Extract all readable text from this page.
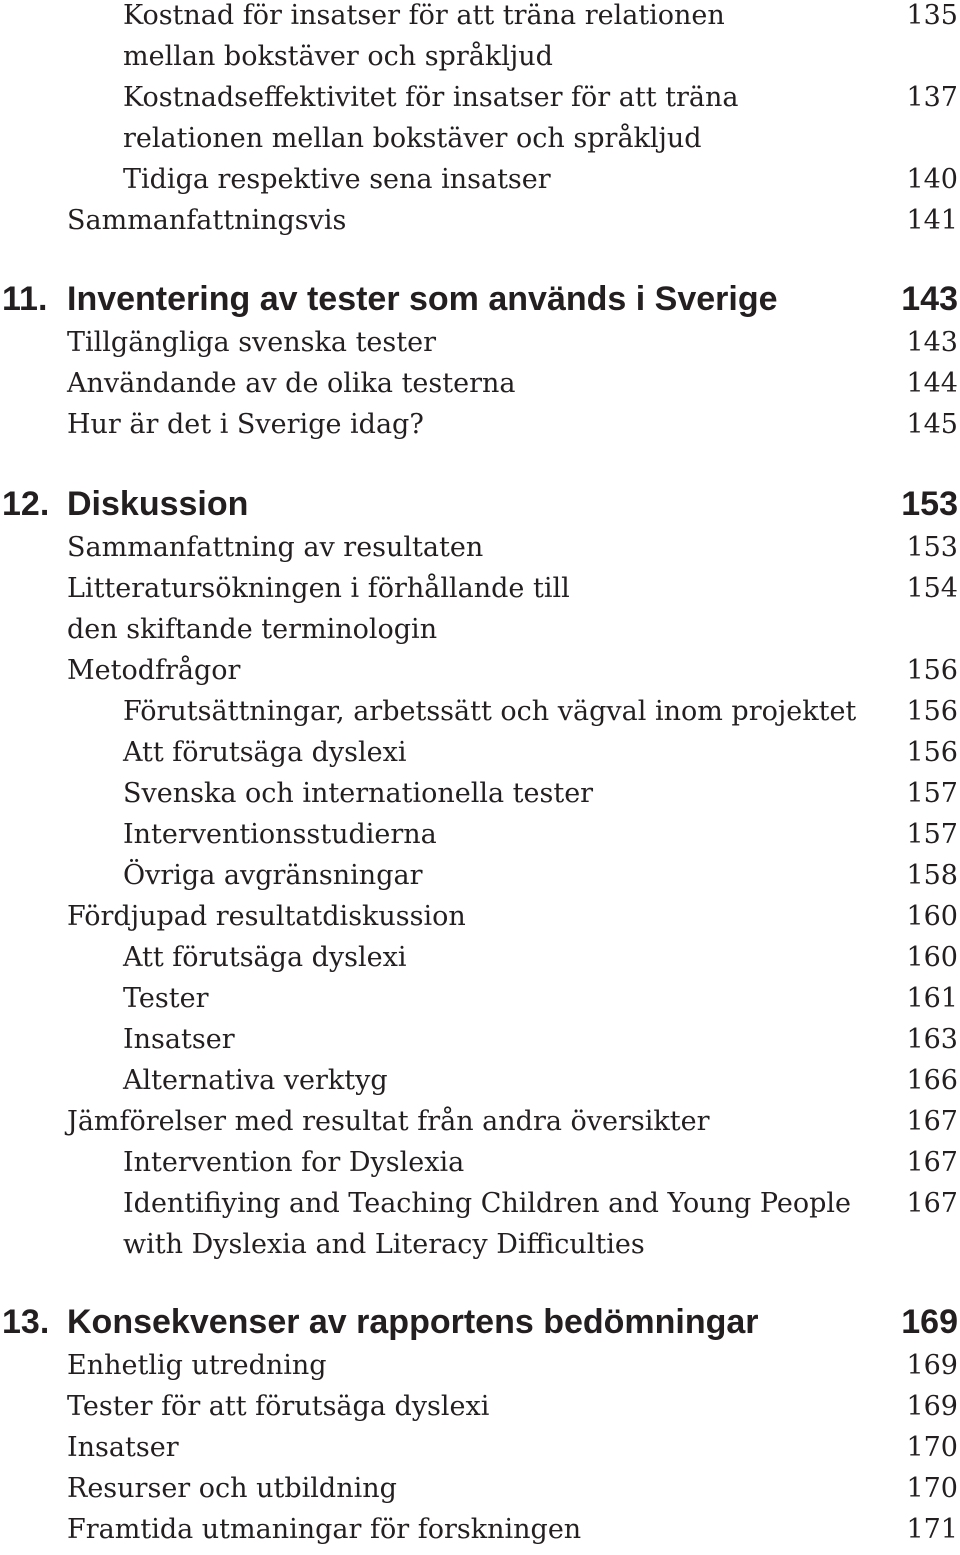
Kostnad för insatser för att träna relationen	135
mellan bokstäver och språkljud
Kostnadseffektivitet för insatser för att träna	137
relationen mellan bokstäver och språkljud
Tidiga respektive sena insatser	140
Sammanfattningsvis	141
11. Inventering av tester som används i Sverige	143
Tillgängliga svenska tester	143
Användande av de olika testerna	144
Hur är det i Sverige idag?	145
12. Diskussion	153
Sammanfattning av resultaten	153
Litteratursökningen i förhållande till	154
den skiftande terminologin
Metodfrågor	156
Förutsättningar, arbetssätt och vägval inom projektet 156
Att förutsäga dyslexi	156
Svenska och internationella tester	157
Interventionsstudierna	157
Övriga avgränsningar	158
Fördjupad resultatdiskussion	160
Att förutsäga dyslexi	160
Tester	161
Insatser	163
Alternativa verktyg	166
Jämförelser med resultat från andra översikter	167
Intervention for Dyslexia	167
Identifiying and Teaching Children and Young People 167
with Dyslexia and Literacy Difficulties
13. Konsekvenser av rapportens bedömningar	169
Enhetlig utredning	169
Tester för att förutsäga dyslexi	169
Insatser	170
Resurser och utbildning	170
Framtida utmaningar för forskningen	171
